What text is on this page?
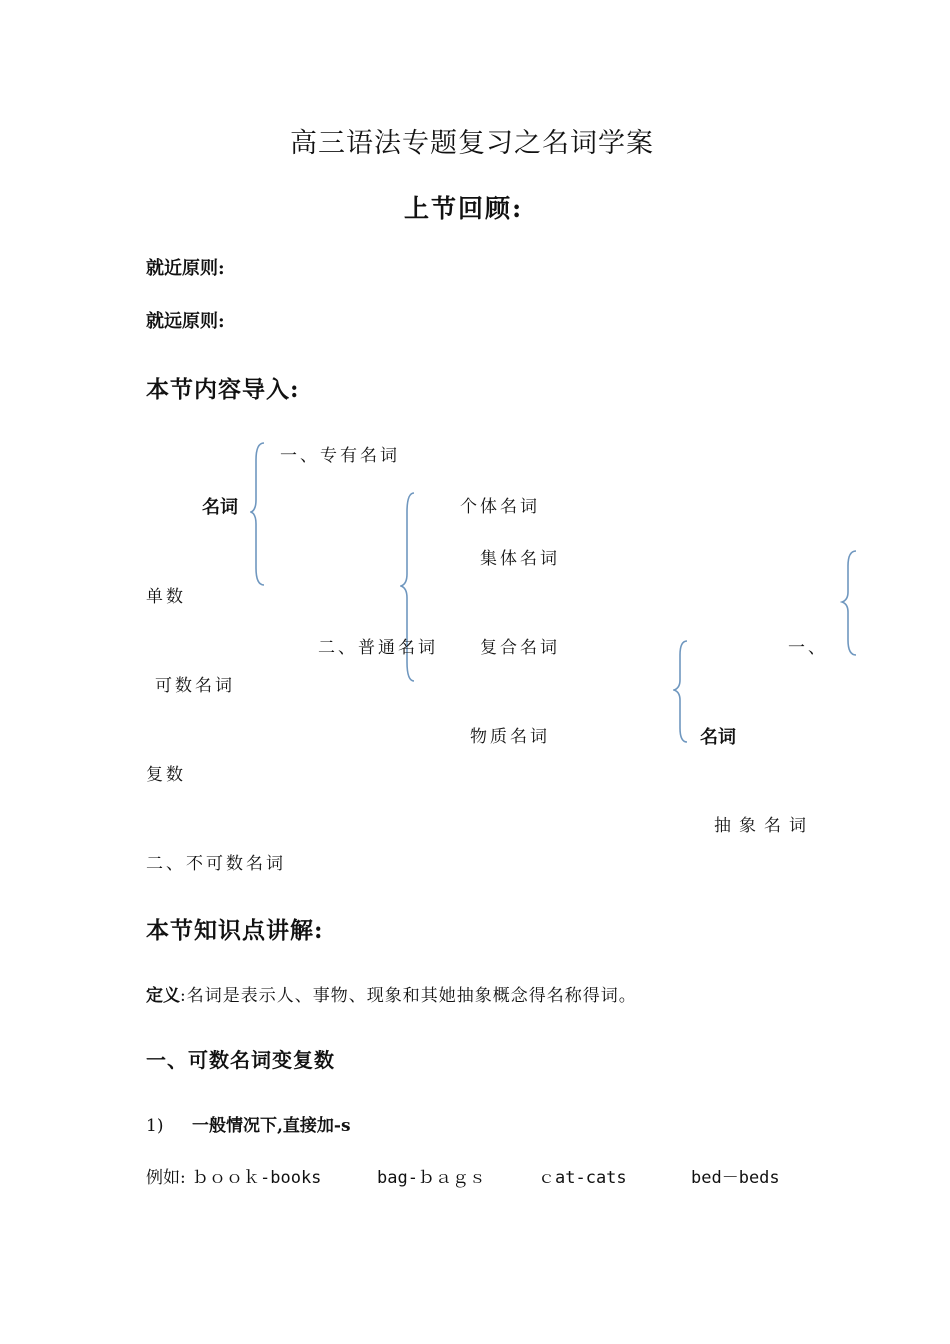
高三语法专题复习之名词学案
上节回顾:
就近原则:
就远原则:
本节内容导入:
名词
一、专有名词
个体名词
集体名词
单数
二、普通名词 复合名词	一、
可数名词
物质名词	名词
复数
抽象名词
二、不可数名词
本节知识点讲解:
定义:名词是表示人、事物、现象和其她抽象概念得名称得词。
一、可数名词变复数
1) 一般情况下,直接加-s
例如: ｂｏｏｋ-books	bag-ｂａｇｓ	ｃat-cats	bed－beds
